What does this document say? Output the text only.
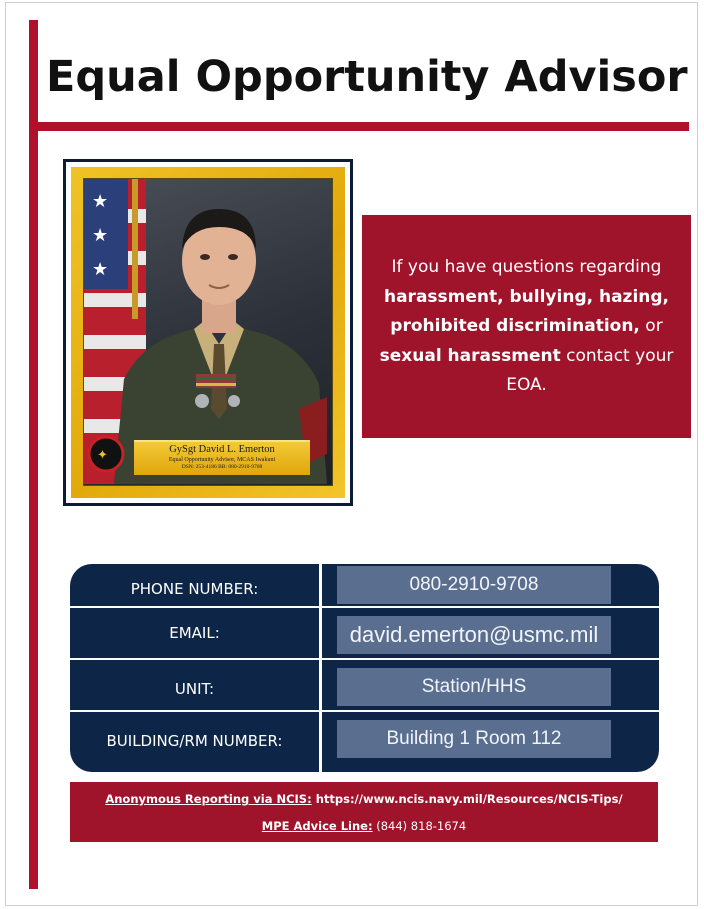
Equal Opportunity Advisor
★
★
★
✦	GySgt David L. Emerton
Equal Opportunity Advisor, MCAS Iwakuni
DSN: 253-4186 BB: 080-2910-9708
If you have questions regarding
harassment, bullying, hazing,
prohibited discrimination, or
sexual harassment contact your EOA.
PHONE NUMBER:	080-2910-9708
EMAIL:	david.emerton@usmc.mil
UNIT:	Station/HHS
BUILDING/RM NUMBER:	Building 1 Room 112
Anonymous Reporting via NCIS: https://www.ncis.navy.mil/Resources/NCIS-Tips/
MPE Advice Line: (844) 818-1674
